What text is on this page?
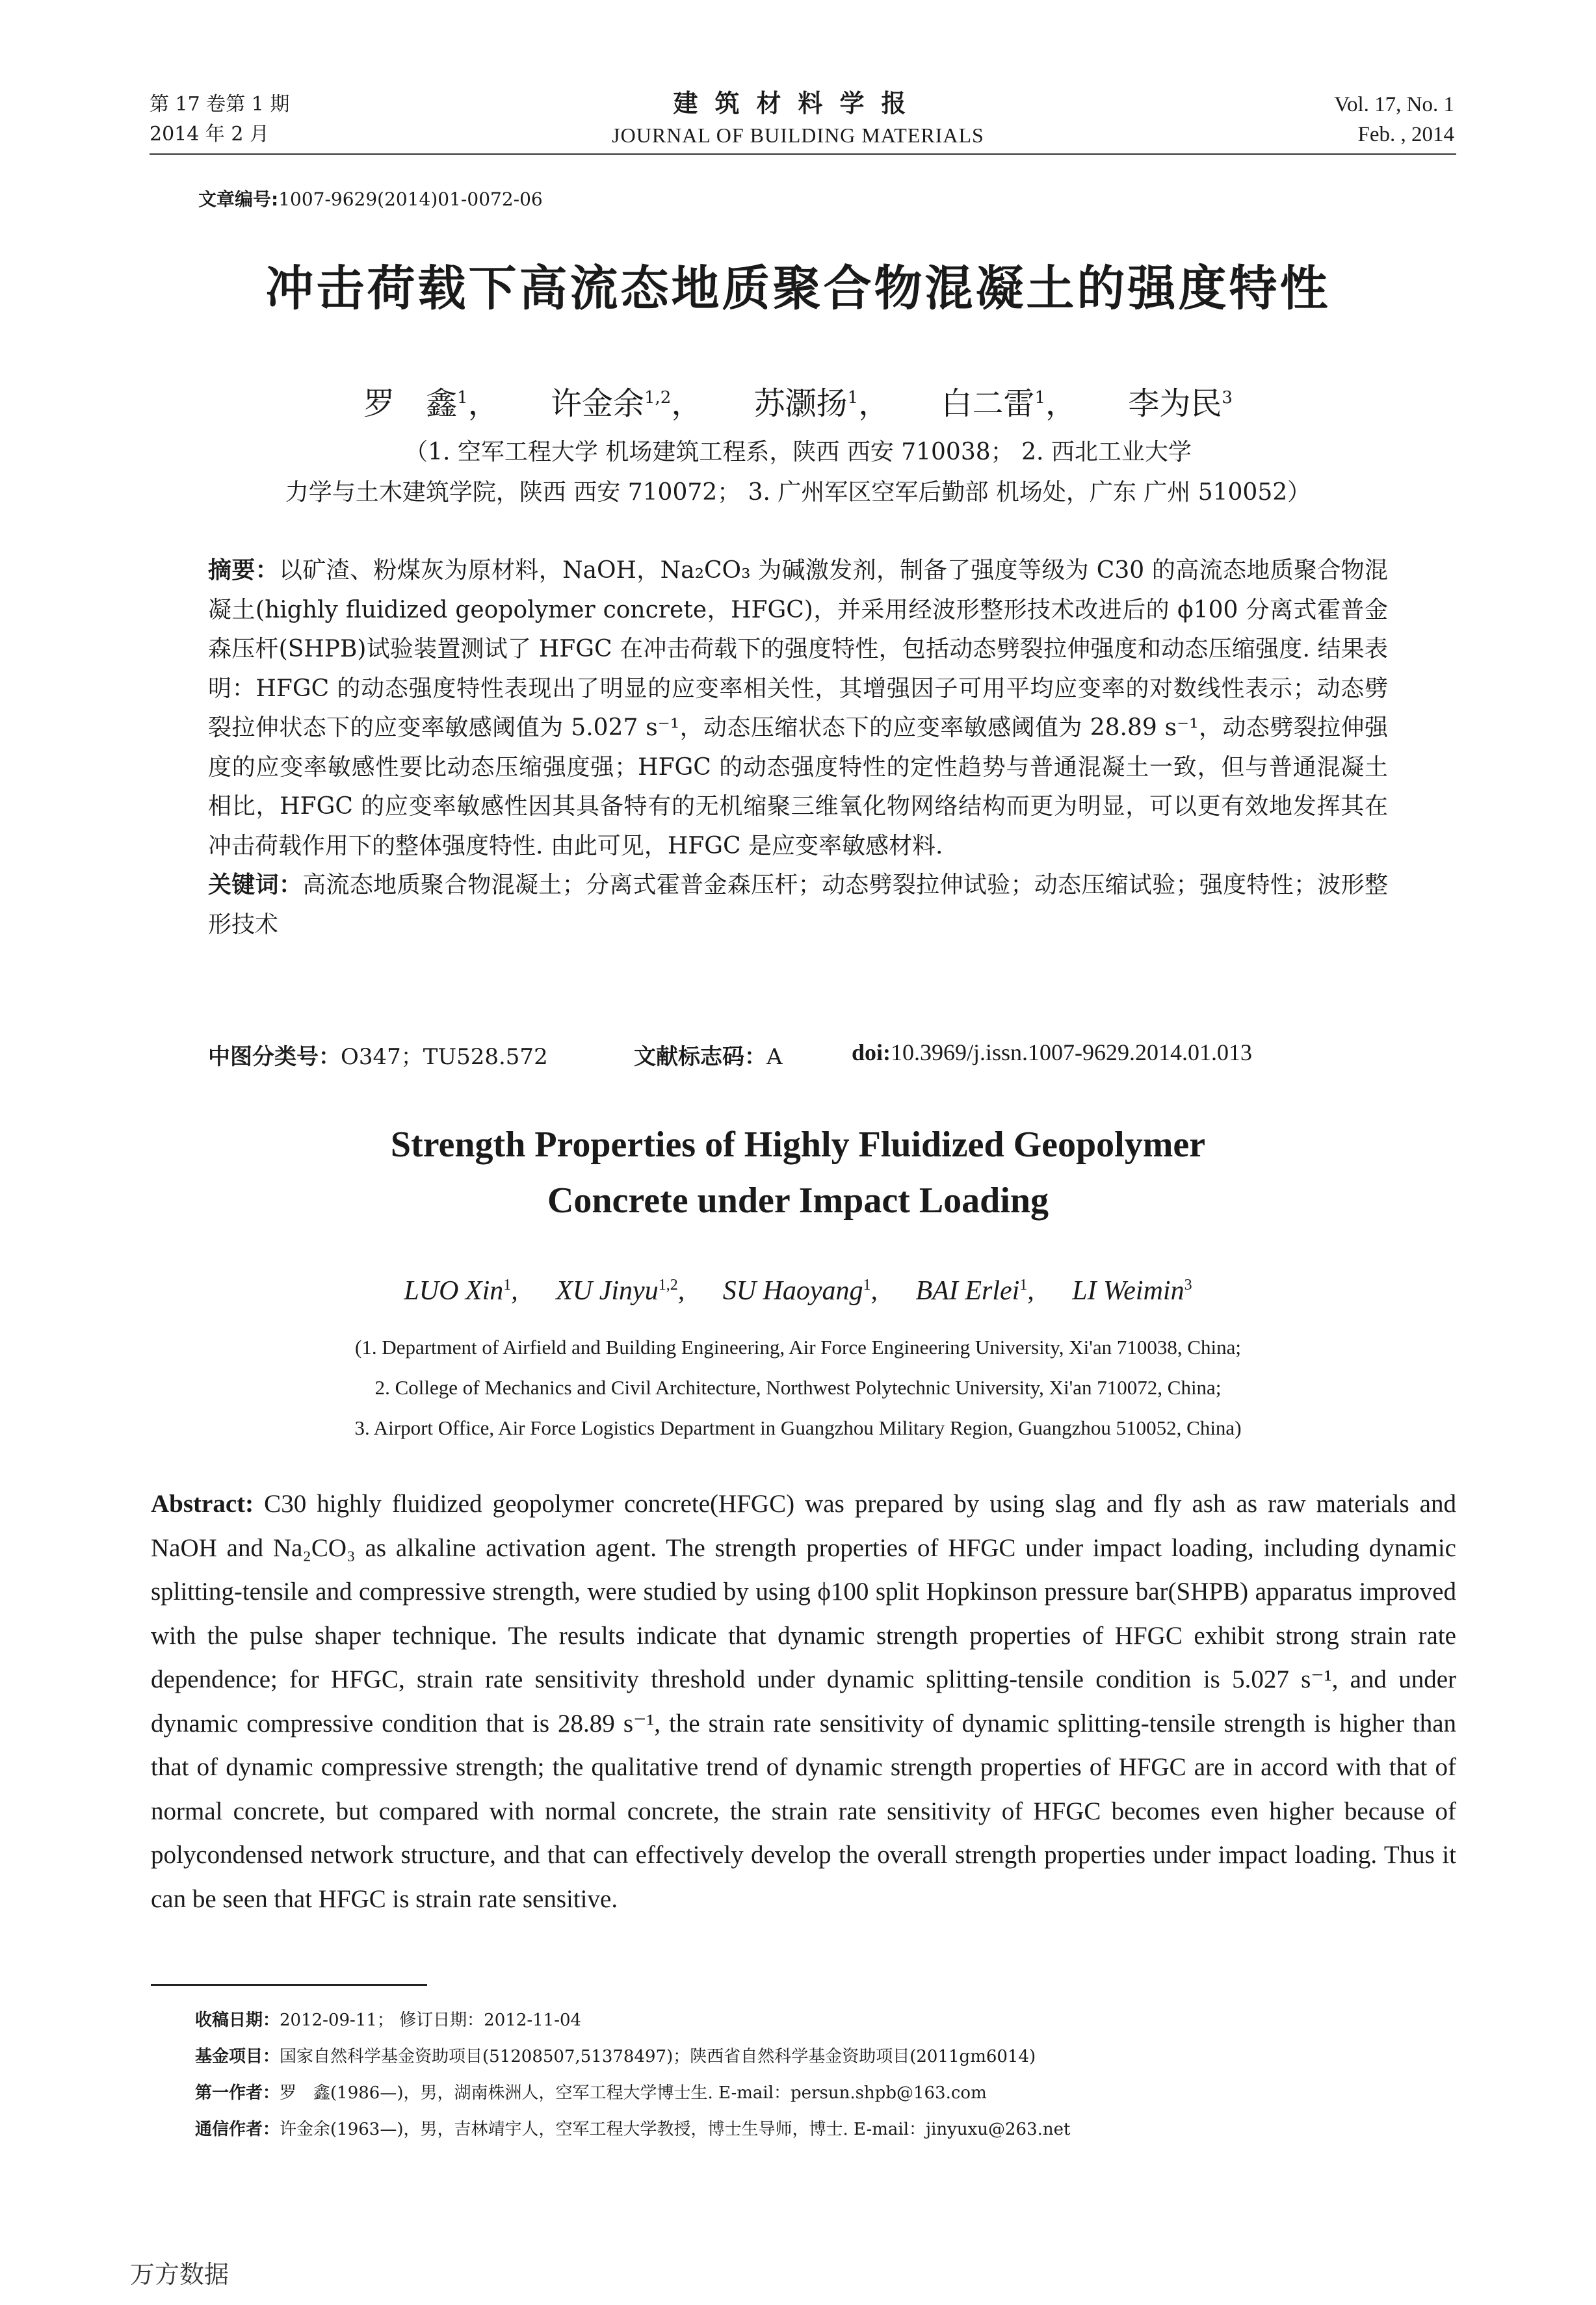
第 17 卷第 1 期
2014 年 2 月
建筑材料学报
JOURNAL OF BUILDING MATERIALS
Vol. 17, No. 1
Feb. , 2014
文章编号:1007-9629(2014)01-0072-06
冲击荷载下高流态地质聚合物混凝土的强度特性
罗　鑫$^1$， 许金余$^{1,2}$， 苏灏扬$^1$， 白二雷$^1$， 李为民$^3$
（1. 空军工程大学 机场建筑工程系，陕西 西安 710038； 2. 西北工业大学
力学与土木建筑学院，陕西 西安 710072； 3. 广州军区空军后勤部 机场处，广东 广州 510052）

摘要：以矿渣、粉煤灰为原材料，NaOH，Na₂CO₃ 为碱激发剂，制备了强度等级为 C30 的高流态地质聚合物混凝土(highly fluidized geopolymer concrete，HFGC)，并采用经波形整形技术改进后的 ϕ100 分离式霍普金森压杆(SHPB)试验装置测试了 HFGC 在冲击荷载下的强度特性，包括动态劈裂拉伸强度和动态压缩强度. 结果表明：HFGC 的动态强度特性表现出了明显的应变率相关性，其增强因子可用平均应变率的对数线性表示；动态劈裂拉伸状态下的应变率敏感阈值为 5.027 s⁻¹，动态压缩状态下的应变率敏感阈值为 28.89 s⁻¹，动态劈裂拉伸强度的应变率敏感性要比动态压缩强度强；HFGC 的动态强度特性的定性趋势与普通混凝土一致，但与普通混凝土相比，HFGC 的应变率敏感性因其具备特有的无机缩聚三维氧化物网络结构而更为明显，可以更有效地发挥其在冲击荷载作用下的整体强度特性. 由此可见，HFGC 是应变率敏感材料.

关键词：高流态地质聚合物混凝土；分离式霍普金森压杆；动态劈裂拉伸试验；动态压缩试验；强度特性；波形整形技术

中图分类号：O347；TU528.572	文献标志码：A	doi:10.3969/j.issn.1007-9629.2014.01.013
Strength Properties of Highly Fluidized Geopolymer
Concrete under Impact Loading
LUO Xin$^1$, XU Jinyu$^{1,2}$, SU Haoyang$^1$, BAI Erlei$^1$, LI Weimin$^3$
(1. Department of Airfield and Building Engineering, Air Force Engineering University, Xi'an 710038, China;
2. College of Mechanics and Civil Architecture, Northwest Polytechnic University, Xi'an 710072, China;
3. Airport Office, Air Force Logistics Department in Guangzhou Military Region, Guangzhou 510052, China)
Abstract: C30 highly fluidized geopolymer concrete(HFGC) was prepared by using slag and fly ash as raw materials and NaOH and Na₂CO₃ as alkaline activation agent. The strength properties of HFGC under impact loading, including dynamic splitting-tensile and compressive strength, were studied by using ϕ100 split Hopkinson pressure bar(SHPB) apparatus improved with the pulse shaper technique. The results indicate that dynamic strength properties of HFGC exhibit strong strain rate dependence; for HFGC, strain rate sensitivity threshold under dynamic splitting-tensile condition is 5.027 s⁻¹, and under dynamic compressive condition that is 28.89 s⁻¹, the strain rate sensitivity of dynamic splitting-tensile strength is higher than that of dynamic compressive strength; the qualitative trend of dynamic strength properties of HFGC are in accord with that of normal concrete, but compared with normal concrete, the strain rate sensitivity of HFGC becomes even higher because of polycondensed network structure, and that can effectively develop the overall strength properties under impact loading. Thus it can be seen that HFGC is strain rate sensitive.
收稿日期：2012-09-11； 修订日期：2012-11-04
基金项目：国家自然科学基金资助项目(51208507,51378497)；陕西省自然科学基金资助项目(2011gm6014)
第一作者：罗　鑫(1986—)，男，湖南株洲人，空军工程大学博士生. E-mail：persun.shpb@163.com
通信作者：许金余(1963—)，男，吉林靖宇人，空军工程大学教授，博士生导师，博士. E-mail：jinyuxu@263.net
万方数据
